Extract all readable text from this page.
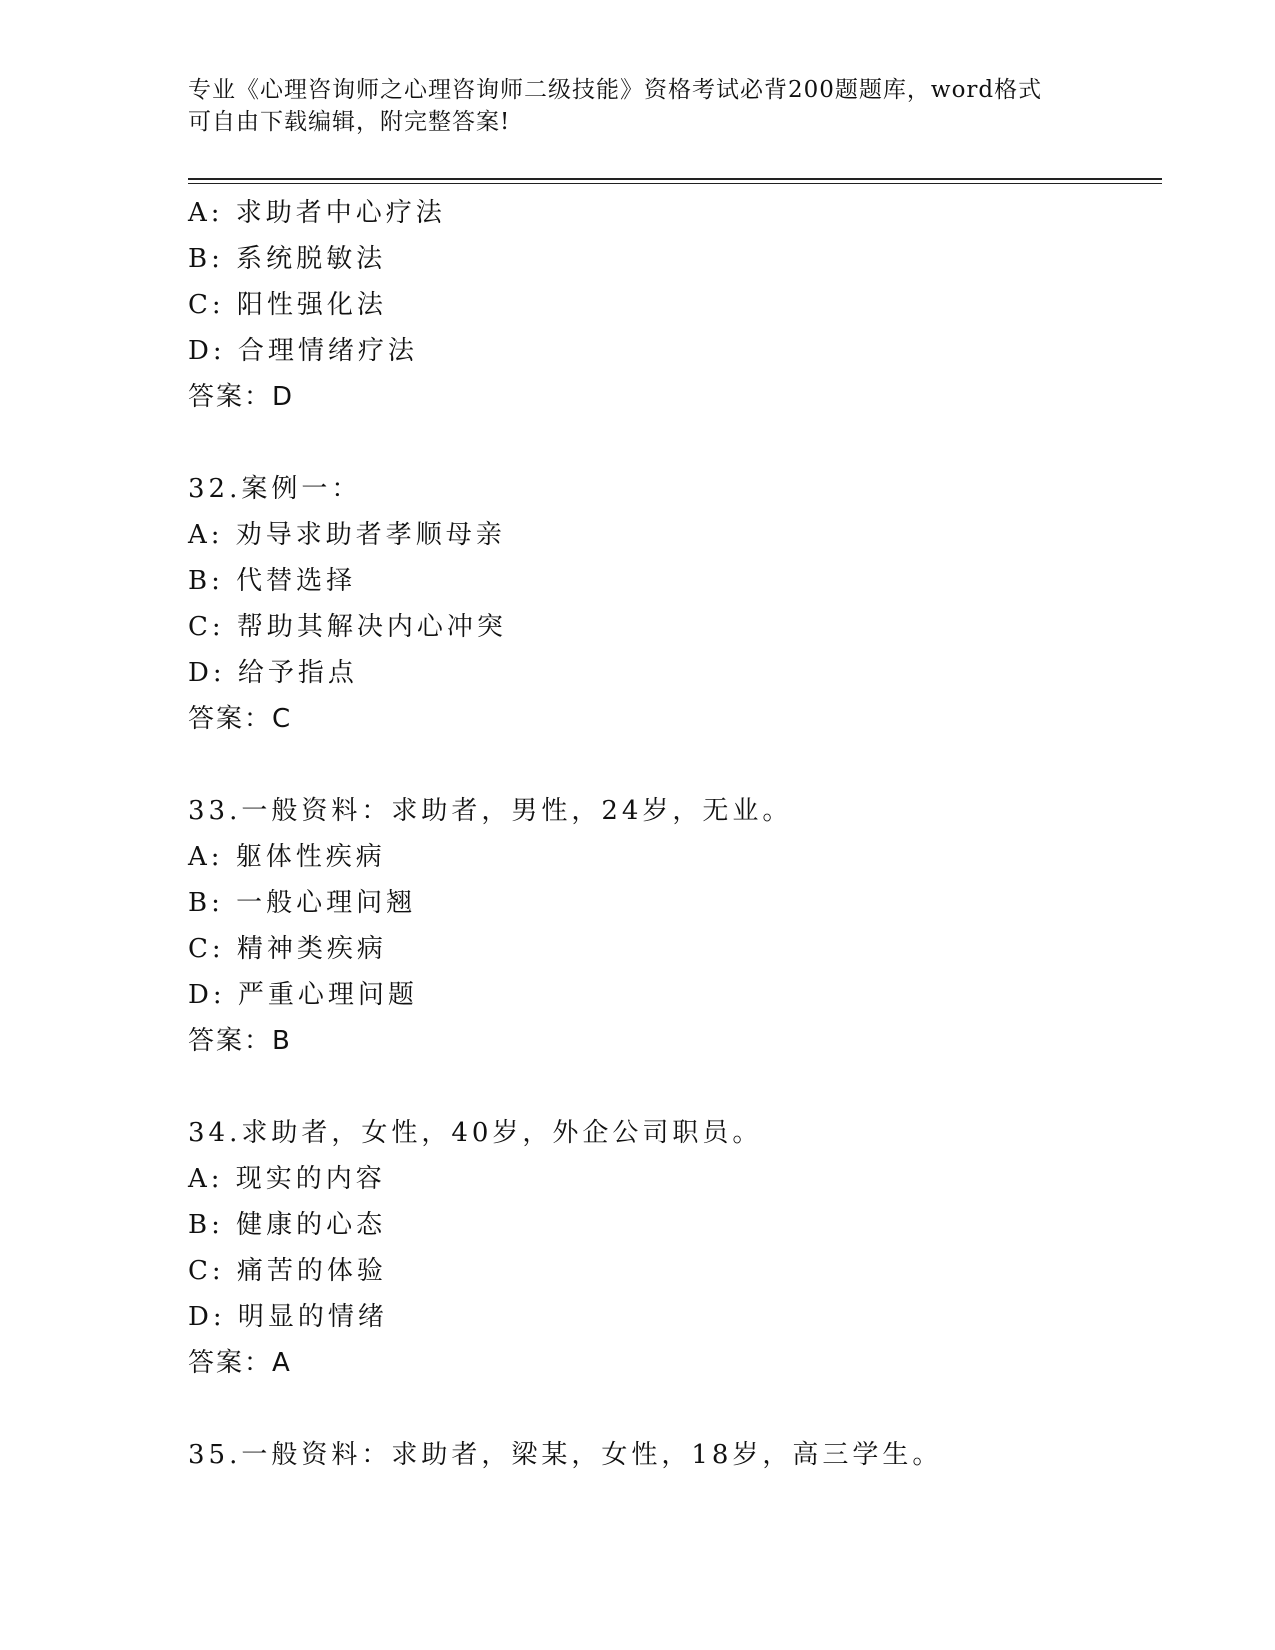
专业《心理咨询师之心理咨询师二级技能》资格考试必背200题题库，word格式
可自由下载编辑，附完整答案!
A: 求助者中心疗法
B: 系统脱敏法
C: 阳性强化法
D: 合理情绪疗法
答案：D
32.案例一：
A: 劝导求助者孝顺母亲
B: 代替选择
C: 帮助其解决内心冲突
D: 给予指点
答案：C
33.一般资料：求助者，男性，24岁，无业。
A: 躯体性疾病
B: 一般心理问翘
C: 精神类疾病
D: 严重心理问题
答案：B
34.求助者，女性，40岁，外企公司职员。
A: 现实的内容
B: 健康的心态
C: 痛苦的体验
D: 明显的情绪
答案：A
35.一般资料：求助者，梁某，女性，18岁，高三学生。
